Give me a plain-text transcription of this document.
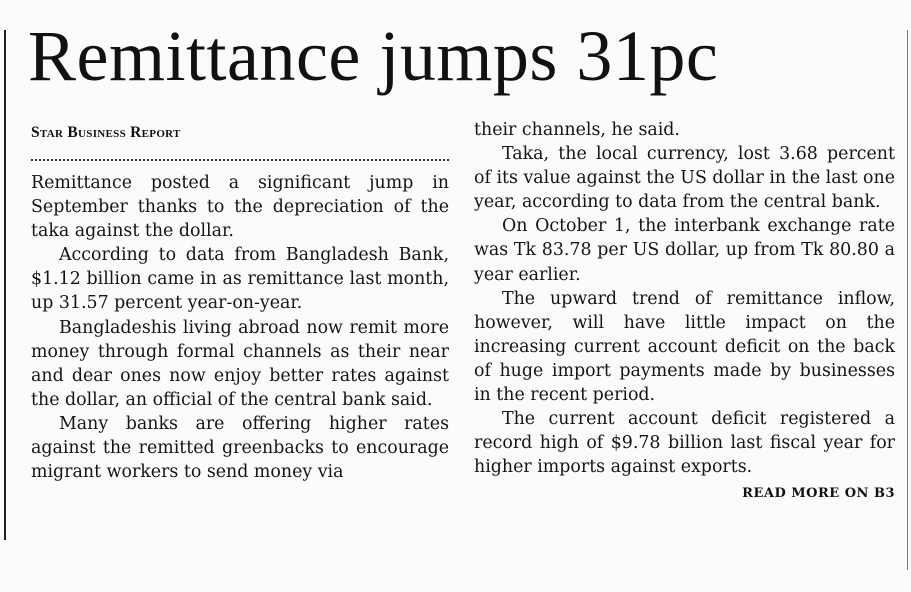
Remittance jumps 31pc
Star Business Report

Remittance posted a significant jump in September thanks to the depreciation of the taka against the dollar.

According to data from Bangladesh Bank, $1.12 billion came in as remittance last month, up 31.57 percent year-on-year.

Bangladeshis living abroad now remit more money through formal channels as their near and dear ones now enjoy better rates against the dollar, an official of the central bank said.

Many banks are offering higher rates against the remitted greenbacks to encourage migrant workers to send money via

their channels, he said.

Taka, the local currency, lost 3.68 percent of its value against the US dollar in the last one year, according to data from the central bank.

On October 1, the interbank exchange rate was Tk 83.78 per US dollar, up from Tk 80.80 a year earlier.

The upward trend of remittance inflow, however, will have little impact on the increasing current account deficit on the back of huge import payments made by businesses in the recent period.

The current account deficit registered a record high of $9.78 billion last fiscal year for higher imports against exports.

READ MORE ON B3
